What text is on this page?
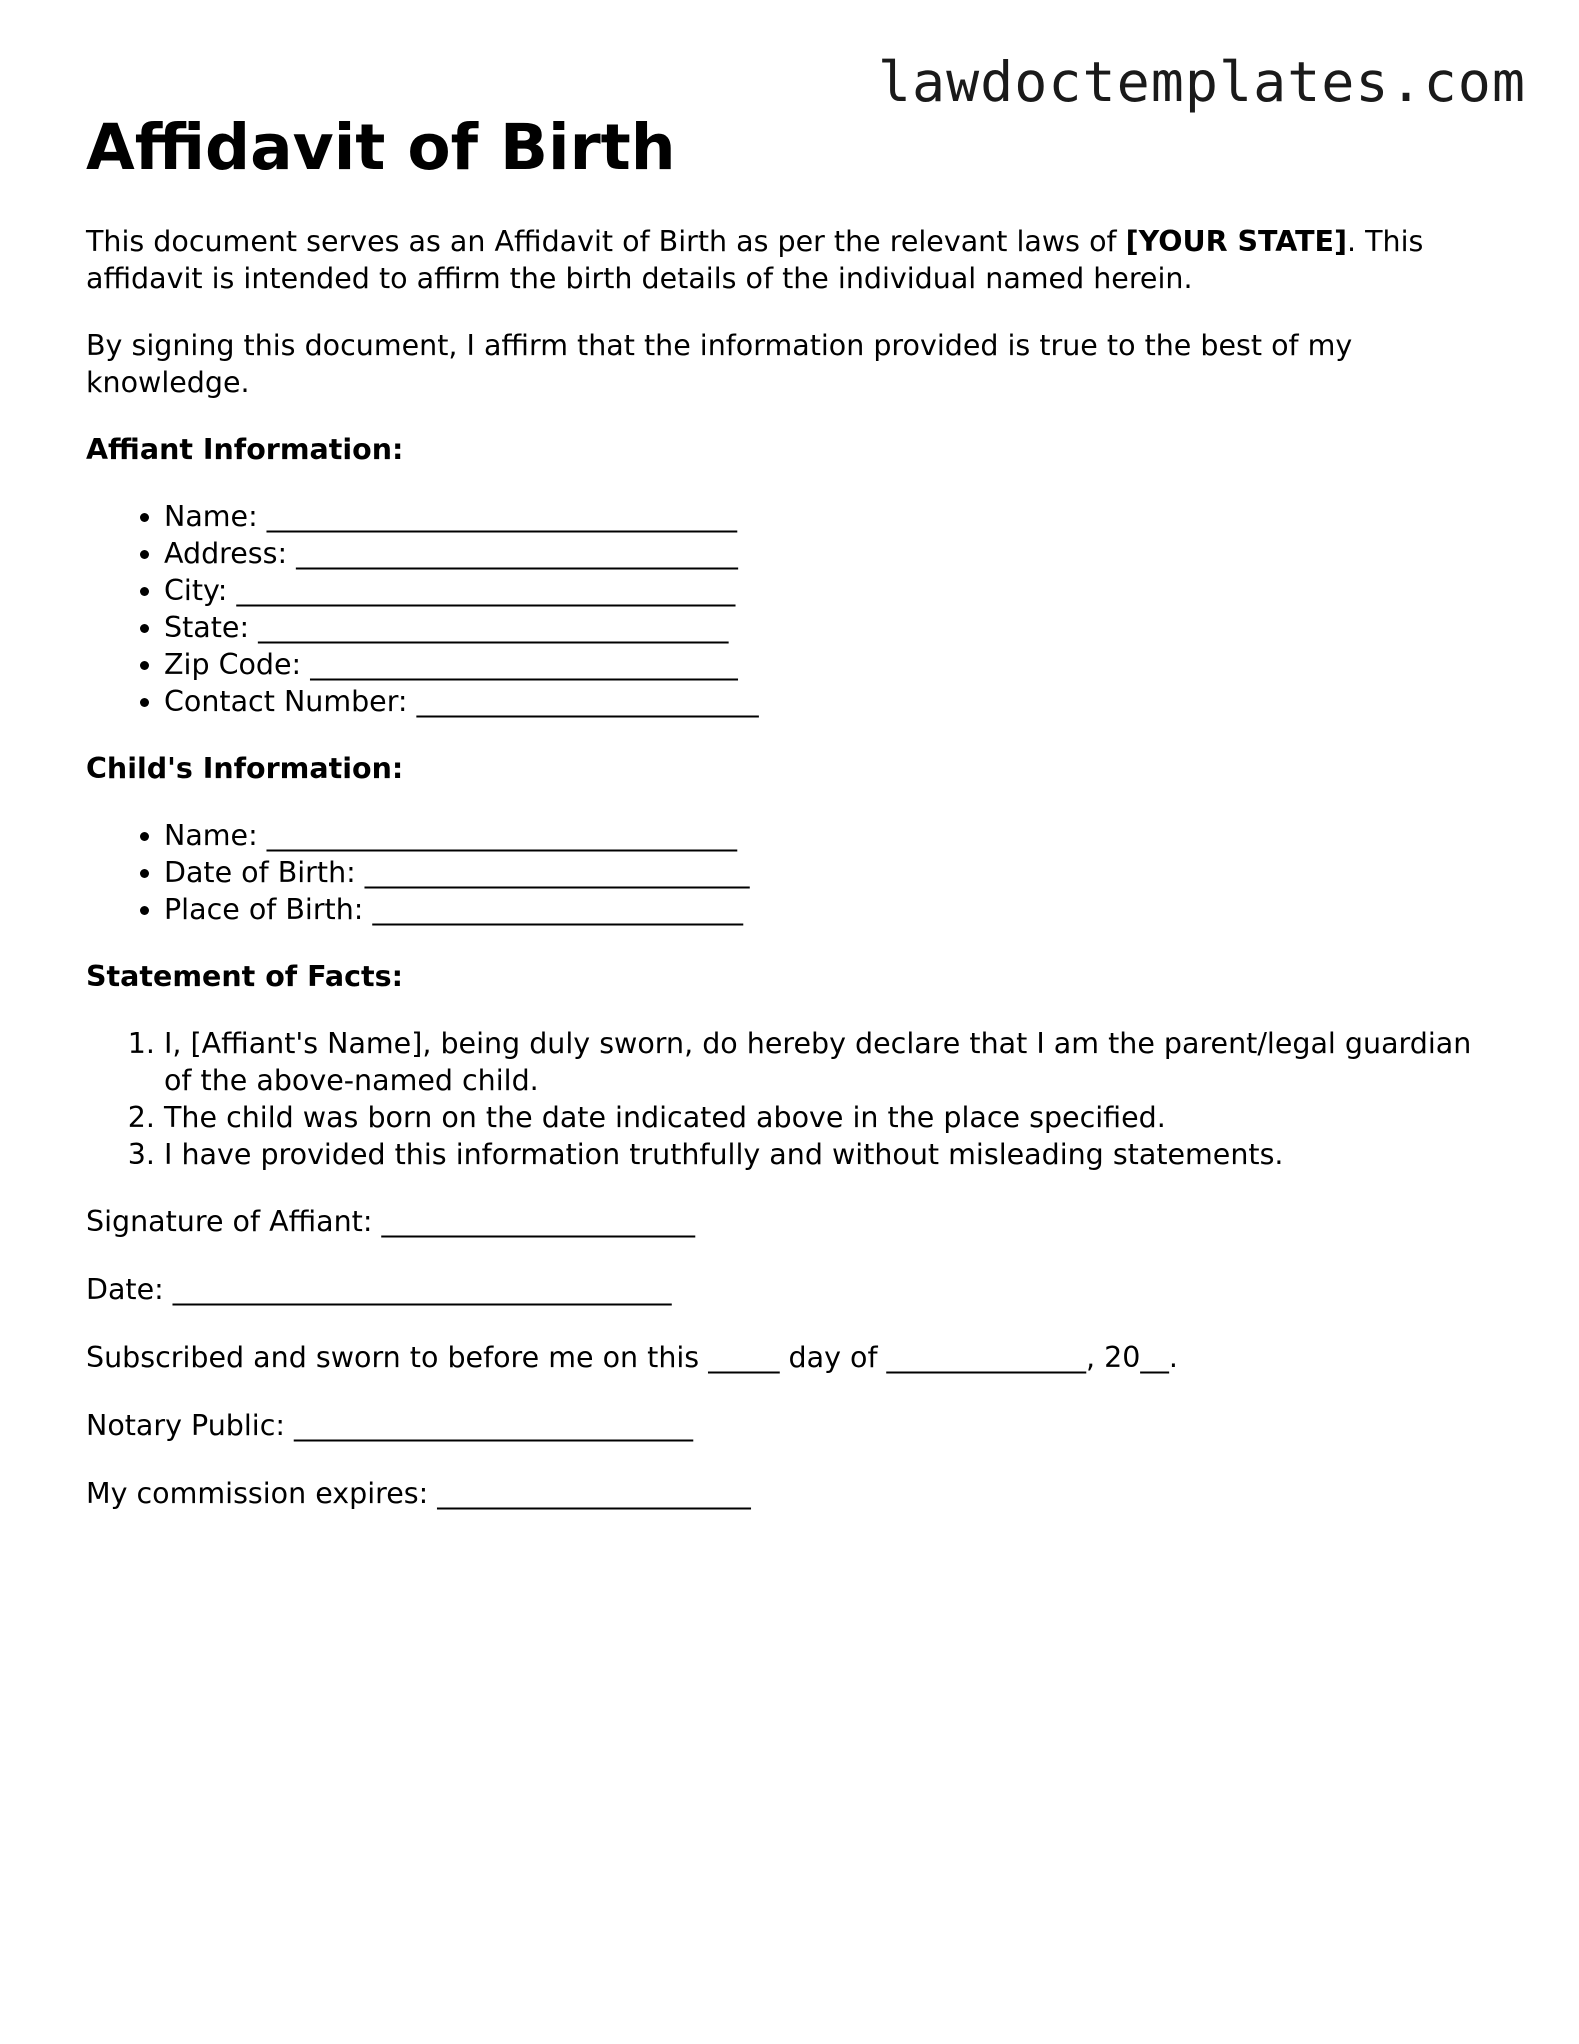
lawdoctemplates.com
Affidavit of Birth

This document serves as an Affidavit of Birth as per the relevant laws of [YOUR STATE]. This affidavit is intended to affirm the birth details of the individual named herein.

By signing this document, I affirm that the information provided is true to the best of my knowledge.

Affiant Information:
• Name: _________________________________
• Address: _______________________________
• City: ___________________________________
• State: _________________________________
• Zip Code: ______________________________
• Contact Number: ________________________
Child's Information:
• Name: _________________________________
• Date of Birth: ___________________________
• Place of Birth: __________________________
Statement of Facts:
1. I, [Affiant's Name], being duly sworn, do hereby declare that I am the parent/legal guardian of the above-named child.
2. The child was born on the date indicated above in the place specified.
3. I have provided this information truthfully and without misleading statements.

Signature of Affiant: ______________________

Date: ___________________________________

Subscribed and sworn to before me on this _____ day of ______________, 20__.

Notary Public: ____________________________

My commission expires: ______________________
